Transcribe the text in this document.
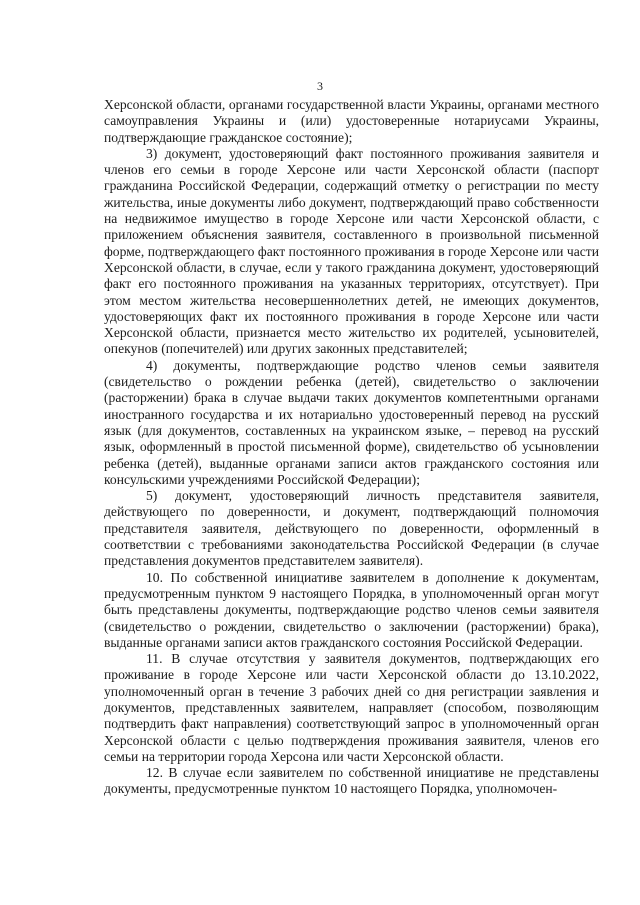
3

Херсонской области, органами государственной власти Украины, органами местного самоуправления Украины и (или) удостоверенные нотариусами Украины, подтверждающие гражданское состояние);

3) документ, удостоверяющий факт постоянного проживания заявителя и членов его семьи в городе Херсоне или части Херсонской области (паспорт гражданина Российской Федерации, содержащий отметку о регистрации по месту жительства, иные документы либо документ, подтверждающий право собственности на недвижимое имущество в городе Херсоне или части Херсонской области, с приложением объяснения заявителя, составленного в произвольной письменной форме, подтверждающего факт постоянного проживания в городе Херсоне или части Херсонской области, в случае, если у такого гражданина документ, удостоверяющий факт его постоянного проживания на указанных территориях, отсутствует). При этом местом жительства несовершеннолетних детей, не имеющих документов, удостоверяющих факт их постоянного проживания в городе Херсоне или части Херсонской области, признается место жительство их родителей, усыновителей, опекунов (попечителей) или других законных представителей;

4) документы, подтверждающие родство членов семьи заявителя (свидетельство о рождении ребенка (детей), свидетельство о заключении (расторжении) брака в случае выдачи таких документов компетентными органами иностранного государства и их нотариально удостоверенный перевод на русский язык (для документов, составленных на украинском языке, – перевод на русский язык, оформленный в простой письменной форме), свидетельство об усыновлении ребенка (детей), выданные органами записи актов гражданского состояния или консульскими учреждениями Российской Федерации);

5) документ, удостоверяющий личность представителя заявителя, действующего по доверенности, и документ, подтверждающий полномочия представителя заявителя, действующего по доверенности, оформленный в соответствии с требованиями законодательства Российской Федерации (в случае представления документов представителем заявителя).

10. По собственной инициативе заявителем в дополнение к документам, предусмотренным пунктом 9 настоящего Порядка, в уполномоченный орган могут быть представлены документы, подтверждающие родство членов семьи заявителя (свидетельство о рождении, свидетельство о заключении (расторжении) брака), выданные органами записи актов гражданского состояния Российской Федерации.

11. В случае отсутствия у заявителя документов, подтверждающих его проживание в городе Херсоне или части Херсонской области до 13.10.2022, уполномоченный орган в течение 3 рабочих дней со дня регистрации заявления и документов, представленных заявителем, направляет (способом, позволяющим подтвердить факт направления) соответствующий запрос в уполномоченный орган Херсонской области с целью подтверждения проживания заявителя, членов его семьи на территории города Херсона или части Херсонской области.

12. В случае если заявителем по собственной инициативе не представлены документы, предусмотренные пунктом 10 настоящего Порядка, уполномочен-
